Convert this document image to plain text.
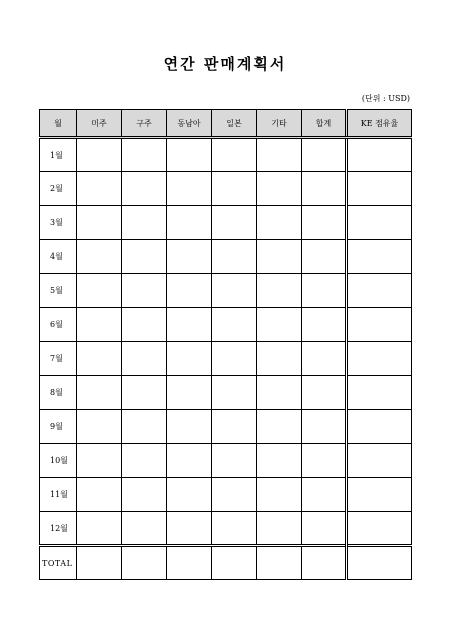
연간 판매계획서
(단위 : USD)
월	미주	구주	동남아	일본	기타	합계	KE 점유율
1월							
2월							
3월							
4월							
5월							
6월							
7월							
8월							
9월							
10월							
11월							
12월							
TOTAL							
